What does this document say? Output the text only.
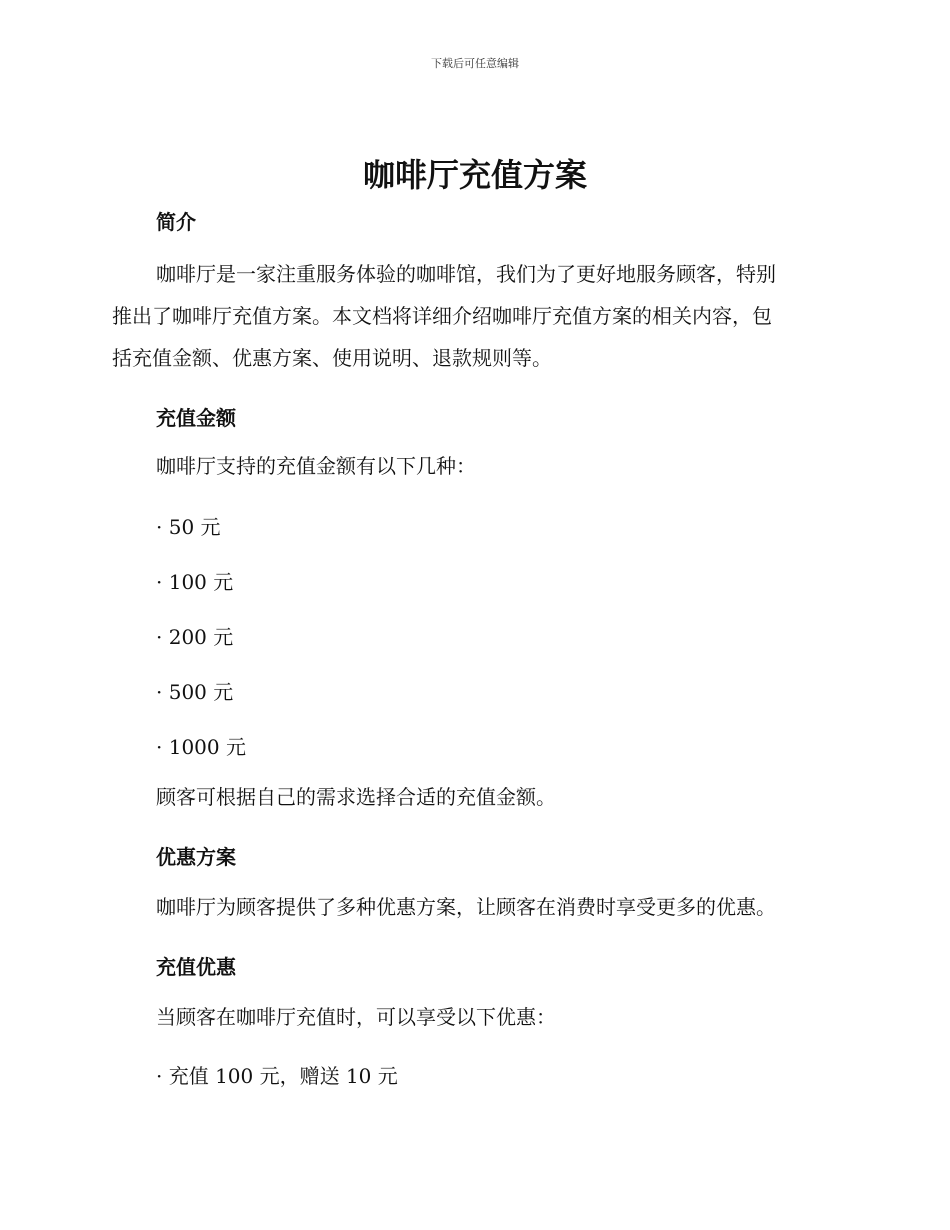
下载后可任意编辑
咖啡厅充值方案
简介
咖啡厅是一家注重服务体验的咖啡馆，我们为了更好地服务顾客，特别
推出了咖啡厅充值方案。本文档将详细介绍咖啡厅充值方案的相关内容，包
括充值金额、优惠方案、使用说明、退款规则等。
充值金额
咖啡厅支持的充值金额有以下几种：
· 50 元
· 100 元
· 200 元
· 500 元
· 1000 元
顾客可根据自己的需求选择合适的充值金额。
优惠方案
咖啡厅为顾客提供了多种优惠方案，让顾客在消费时享受更多的优惠。
充值优惠
当顾客在咖啡厅充值时，可以享受以下优惠：
· 充值 100 元，赠送 10 元
